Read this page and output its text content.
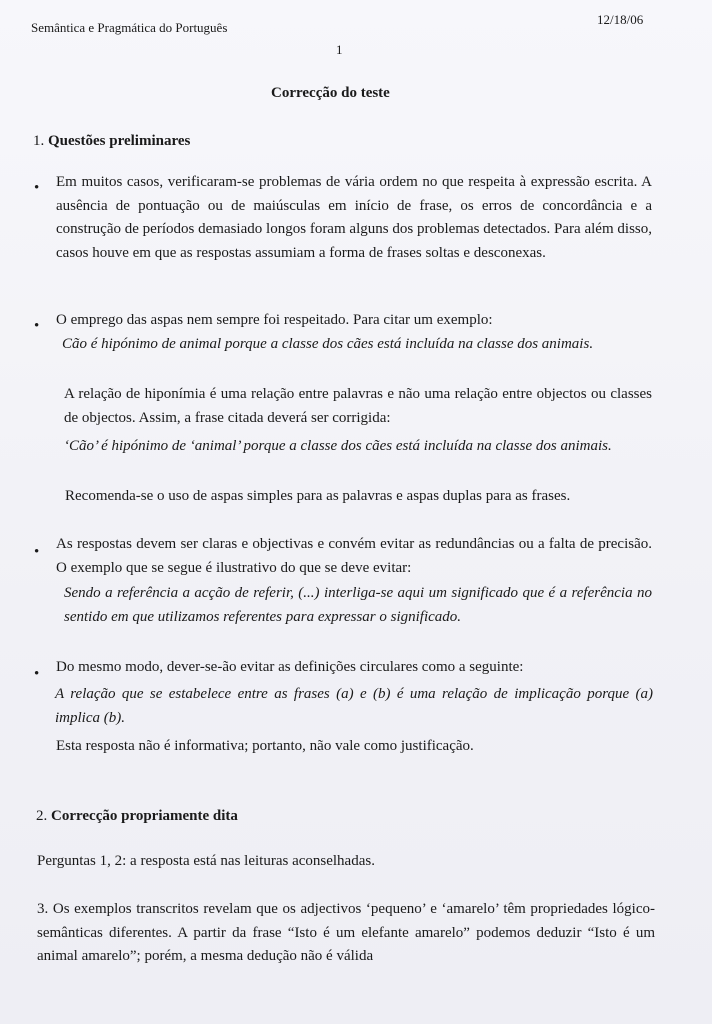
Semântica e Pragmática do Português
12/18/06
1
Correcção do teste
1. Questões preliminares
• Em muitos casos, verificaram-se problemas de vária ordem no que respeita à expressão escrita. A ausência de pontuação ou de maiúsculas em início de frase, os erros de concordância e a construção de períodos demasiado longos foram alguns dos problemas detectados. Para além disso, casos houve em que as respostas assumiam a forma de frases soltas e desconexas.
• O emprego das aspas nem sempre foi respeitado. Para citar um exemplo:
Cão é hipónimo de animal porque a classe dos cães está incluída na classe dos animais.
A relação de hiponímia é uma relação entre palavras e não uma relação entre objectos ou classes de objectos. Assim, a frase citada deverá ser corrigida:
‘Cão’ é hipónimo de ‘animal’ porque a classe dos cães está incluída na classe dos animais.
Recomenda-se o uso de aspas simples para as palavras e aspas duplas para as frases.
• As respostas devem ser claras e objectivas e convém evitar as redundâncias ou a falta de precisão. O exemplo que se segue é ilustrativo do que se deve evitar:
Sendo a referência a acção de referir, (...) interliga-se aqui um significado que é a referência no sentido em que utilizamos referentes para expressar o significado.
• Do mesmo modo, dever-se-ão evitar as definições circulares como a seguinte:
A relação que se estabelece entre as frases (a) e (b) é uma relação de implicação porque (a) implica (b).
Esta resposta não é informativa; portanto, não vale como justificação.
2. Correcção propriamente dita
Perguntas 1, 2: a resposta está nas leituras aconselhadas.
3. Os exemplos transcritos revelam que os adjectivos ‘pequeno’ e ‘amarelo’ têm propriedades lógico-semânticas diferentes. A partir da frase “Isto é um elefante amarelo” podemos deduzir “Isto é um animal amarelo”; porém, a mesma dedução não é válida
